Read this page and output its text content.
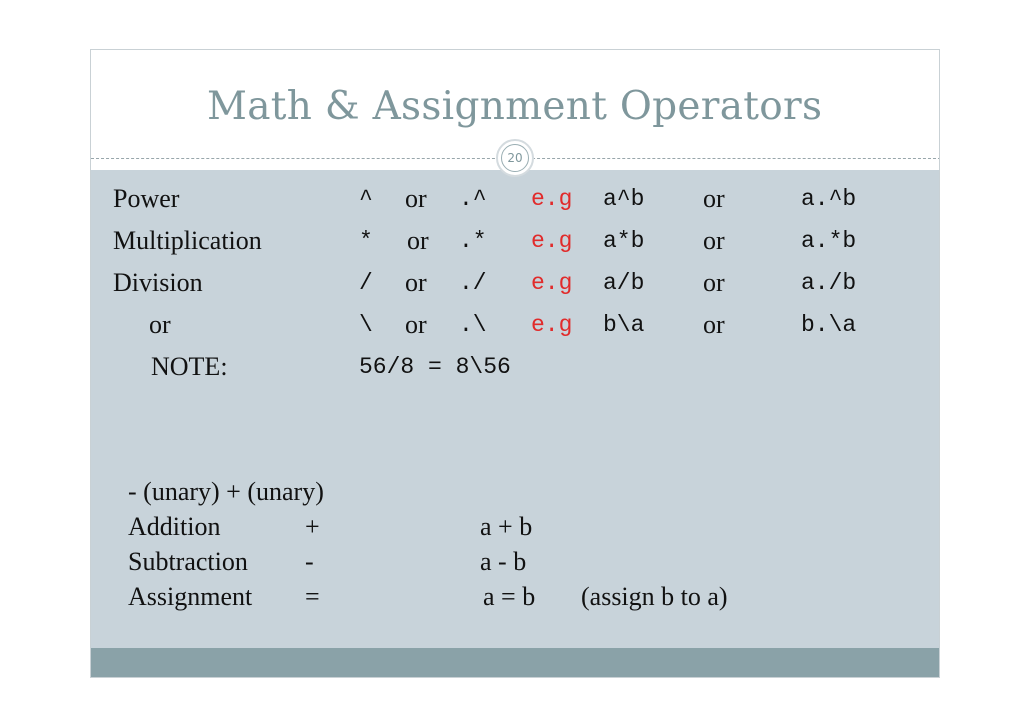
Math & Assignment Operators
20
Power	^ or .^ e.g a^b or	a.^b
Multiplication	* or .* e.g a*b or	a.*b
Division	/ or ./ e.g a/b or	a./b
or	\ or .\ e.g b\a or	b.\a
NOTE:	56/8 = 8\56
- (unary) + (unary)
Addition	+	a + b
Subtraction -	a - b
Assignment =	a = b (assign b to a)
